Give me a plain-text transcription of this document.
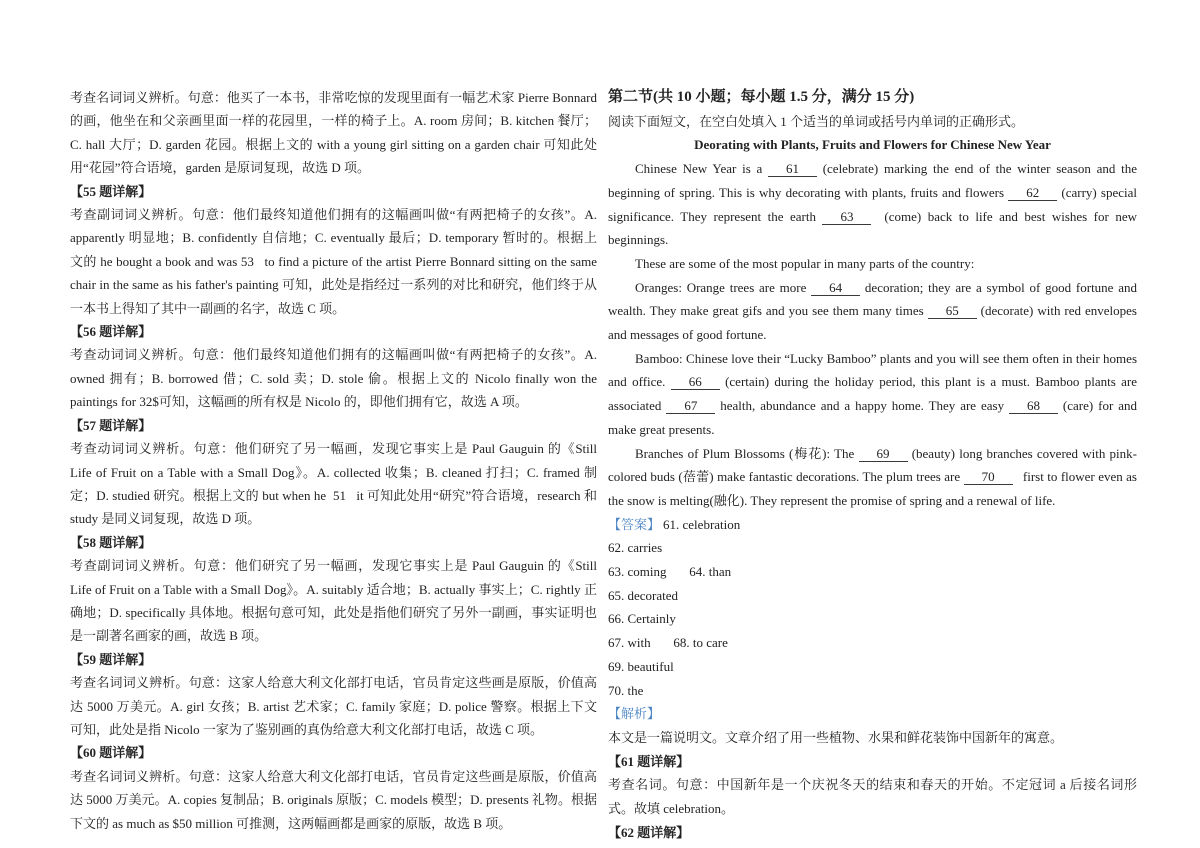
考查名词词义辨析。句意：他买了一本书，非常吃惊的发现里面有一幅艺术家 Pierre Bonnard 的画，他坐在和父亲画里面一样的花园里，一样的椅子上。A. room 房间；B. kitchen 餐厅；C. hall 大厅；D. garden 花园。根据上文的 with a young girl sitting on a garden chair 可知此处用“花园”符合语境，garden 是原词复现，故选 D 项。
【55 题详解】
考查副词词义辨析。句意：他们最终知道他们拥有的这幅画叫做“有两把椅子的女孩”。A. apparently 明显地；B. confidently 自信地；C. eventually 最后；D. temporary 暂时的。根据上文的 he bought a book and was 53   to find a picture of the artist Pierre Bonnard sitting on the same chair in the same as his father's painting 可知，此处是指经过一系列的对比和研究，他们终于从一本书上得知了其中一副画的名字，故选 C 项。
【56 题详解】
考查动词词义辨析。句意：他们最终知道他们拥有的这幅画叫做“有两把椅子的女孩”。A. owned 拥有；B. borrowed 借；C. sold 卖；D. stole 偷。根据上文的 Nicolo finally won the paintings for 32$可知，这幅画的所有权是 Nicolo 的，即他们拥有它，故选 A 项。
【57 题详解】
考查动词词义辨析。句意：他们研究了另一幅画，发现它事实上是 Paul Gauguin 的《Still Life of Fruit on a Table with a Small Dog》。A. collected 收集；B. cleaned 打扫；C. framed 制定；D. studied 研究。根据上文的 but when he  51   it 可知此处用“研究”符合语境，research 和 study 是同义词复现，故选 D 项。
【58 题详解】
考查副词词义辨析。句意：他们研究了另一幅画，发现它事实上是 Paul Gauguin 的《Still Life of Fruit on a Table with a Small Dog》。A. suitably 适合地；B. actually 事实上；C. rightly 正确地；D. specifically 具体地。根据句意可知，此处是指他们研究了另外一副画，事实证明也是一副著名画家的画，故选 B 项。
【59 题详解】
考查名词词义辨析。句意：这家人给意大利文化部打电话，官员肯定这些画是原版，价值高达 5000 万美元。A. girl 女孩；B. artist 艺术家；C. family 家庭；D. police 警察。根据上下文可知，此处是指 Nicolo 一家为了鉴别画的真伪给意大利文化部打电话，故选 C 项。
【60 题详解】
考查名词词义辨析。句意：这家人给意大利文化部打电话，官员肯定这些画是原版，价值高达 5000 万美元。A. copies 复制品；B. originals 原版；C. models 模型；D. presents 礼物。根据下文的 as much as $50 million 可推测，这两幅画都是画家的原版，故选 B 项。
第二节(共 10 小题；每小题 1.5 分，满分 15 分)
阅读下面短文，在空白处填入 1 个适当的单词或括号内单词的正确形式。
Deorating with Plants, Fruits and Flowers for Chinese New Year
Chinese New Year is a 61 (celebrate) marking the end of the winter season and the beginning of spring. This is why decorating with plants, fruits and flowers 62 (carry) special significance. They represent the earth 63  (come) back to life and best wishes for new beginnings.
These are some of the most popular in many parts of the country:
Oranges: Orange trees are more 64 decoration; they are a symbol of good fortune and wealth. They make great gifs and you see them many times 65 (decorate) with red envelopes and messages of good fortune.
Bamboo: Chinese love their “Lucky Bamboo” plants and you will see them often in their homes and office. 66 (certain) during the holiday period, this plant is a must. Bamboo plants are associated 67 health, abundance and a happy home. They are easy 68 (care) for and make great presents.
Branches of Plum Blossoms (梅花): The 69 (beauty) long branches covered with pink-colored buds (蓓蕾) make fantastic decorations. The plum trees are 70   first to flower even as the snow is melting(融化). They represent the promise of spring and a renewal of life.
【答案】 61. celebration
62. carries
63. coming       64. than
65. decorated
66. Certainly
67. with       68. to care
69. beautiful
70. the
【解析】
本文是一篇说明文。文章介绍了用一些植物、水果和鲜花装饰中国新年的寓意。
【61 题详解】
考查名词。句意：中国新年是一个庆祝冬天的结束和春天的开始。不定冠词 a 后接名词形式。故填 celebration。
【62 题详解】
